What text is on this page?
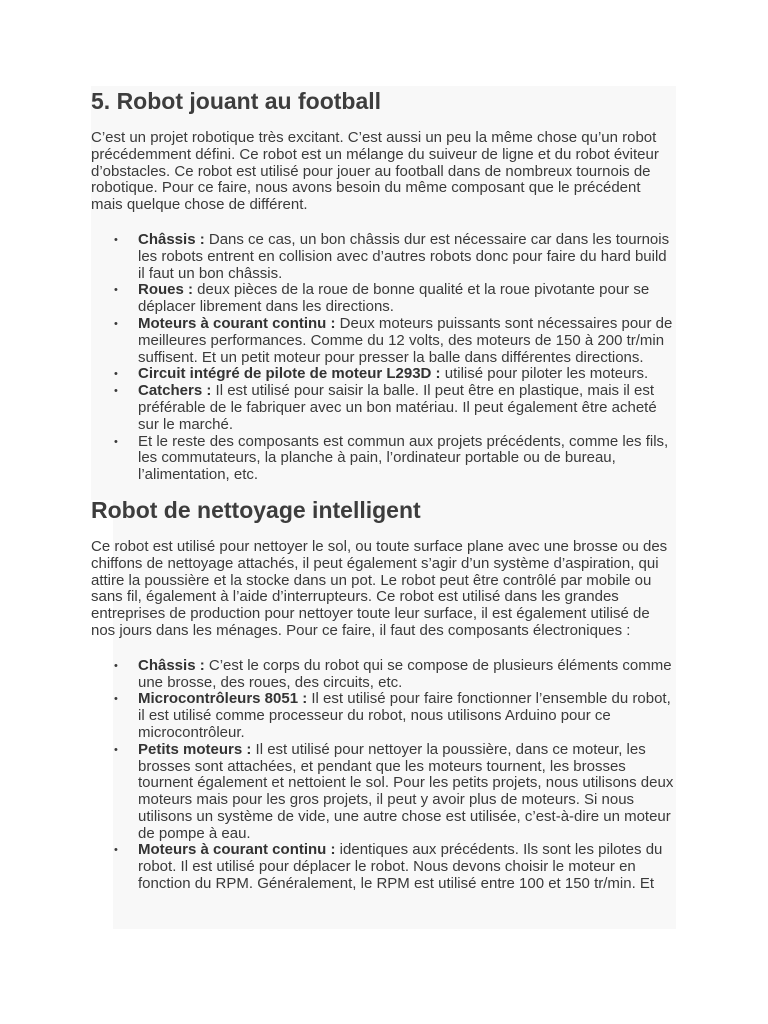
5. Robot jouant au football

C’est un projet robotique très excitant. C’est aussi un peu la même chose qu’un robot précédemment défini. Ce robot est un mélange du suiveur de ligne et du robot éviteur d’obstacles. Ce robot est utilisé pour jouer au football dans de nombreux tournois de robotique. Pour ce faire, nous avons besoin du même composant que le précédent mais quelque chose de différent.

• Châssis : Dans ce cas, un bon châssis dur est nécessaire car dans les tournois les robots entrent en collision avec d’autres robots donc pour faire du hard build il faut un bon châssis.
• Roues : deux pièces de la roue de bonne qualité et la roue pivotante pour se déplacer librement dans les directions.
• Moteurs à courant continu : Deux moteurs puissants sont nécessaires pour de meilleures performances. Comme du 12 volts, des moteurs de 150 à 200 tr/min suffisent. Et un petit moteur pour presser la balle dans différentes directions.
• Circuit intégré de pilote de moteur L293D : utilisé pour piloter les moteurs.
• Catchers : Il est utilisé pour saisir la balle. Il peut être en plastique, mais il est préférable de le fabriquer avec un bon matériau. Il peut également être acheté sur le marché.
• Et le reste des composants est commun aux projets précédents, comme les fils, les commutateurs, la planche à pain, l’ordinateur portable ou de bureau, l’alimentation, etc.
Robot de nettoyage intelligent

Ce robot est utilisé pour nettoyer le sol, ou toute surface plane avec une brosse ou des chiffons de nettoyage attachés, il peut également s’agir d’un système d’aspiration, qui attire la poussière et la stocke dans un pot. Le robot peut être contrôlé par mobile ou sans fil, également à l’aide d’interrupteurs. Ce robot est utilisé dans les grandes entreprises de production pour nettoyer toute leur surface, il est également utilisé de nos jours dans les ménages. Pour ce faire, il faut des composants électroniques :

• Châssis : C’est le corps du robot qui se compose de plusieurs éléments comme une brosse, des roues, des circuits, etc.
• Microcontrôleurs 8051 : Il est utilisé pour faire fonctionner l’ensemble du robot, il est utilisé comme processeur du robot, nous utilisons Arduino pour ce microcontrôleur.
• Petits moteurs : Il est utilisé pour nettoyer la poussière, dans ce moteur, les brosses sont attachées, et pendant que les moteurs tournent, les brosses tournent également et nettoient le sol. Pour les petits projets, nous utilisons deux moteurs mais pour les gros projets, il peut y avoir plus de moteurs. Si nous utilisons un système de vide, une autre chose est utilisée, c’est-à-dire un moteur de pompe à eau.
• Moteurs à courant continu : identiques aux précédents. Ils sont les pilotes du robot. Il est utilisé pour déplacer le robot. Nous devons choisir le moteur en fonction du RPM. Généralement, le RPM est utilisé entre 100 et 150 tr/min. Et
